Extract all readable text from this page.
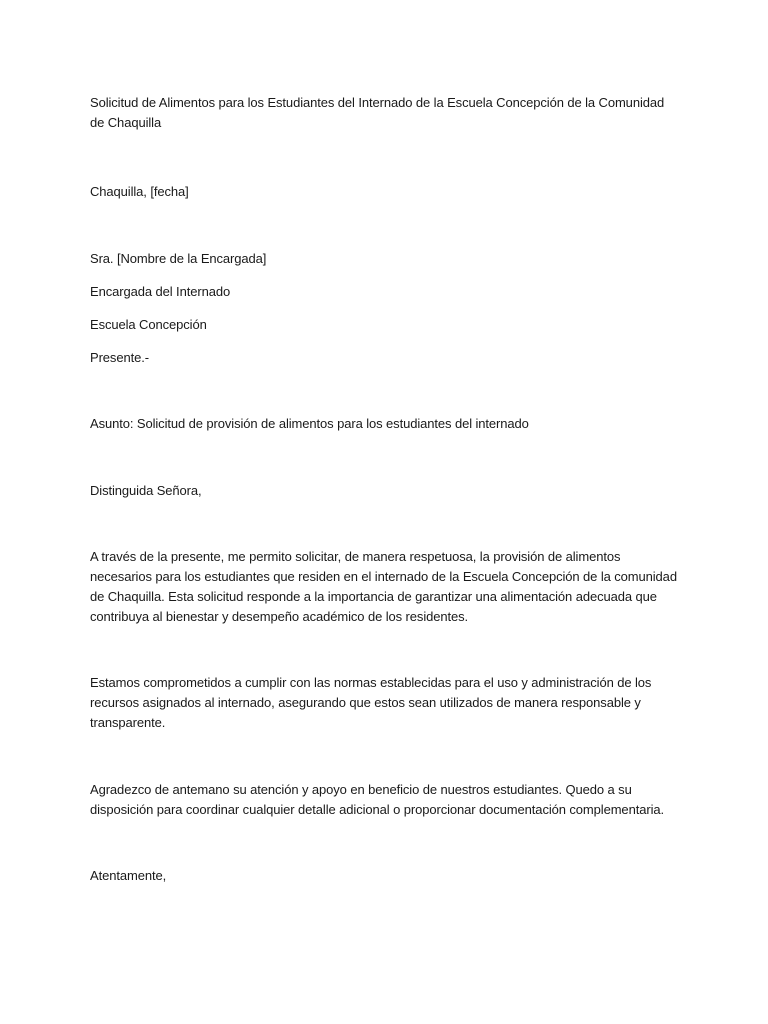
Solicitud de Alimentos para los Estudiantes del Internado de la Escuela Concepción de la Comunidad de Chaquilla

Chaquilla, [fecha]

Sra. [Nombre de la Encargada]

Encargada del Internado

Escuela Concepción

Presente.-

Asunto: Solicitud de provisión de alimentos para los estudiantes del internado

Distinguida Señora,

A través de la presente, me permito solicitar, de manera respetuosa, la provisión de alimentos necesarios para los estudiantes que residen en el internado de la Escuela Concepción de la comunidad de Chaquilla. Esta solicitud responde a la importancia de garantizar una alimentación adecuada que contribuya al bienestar y desempeño académico de los residentes.

Estamos comprometidos a cumplir con las normas establecidas para el uso y administración de los recursos asignados al internado, asegurando que estos sean utilizados de manera responsable y transparente.

Agradezco de antemano su atención y apoyo en beneficio de nuestros estudiantes. Quedo a su disposición para coordinar cualquier detalle adicional o proporcionar documentación complementaria.

Atentamente,
